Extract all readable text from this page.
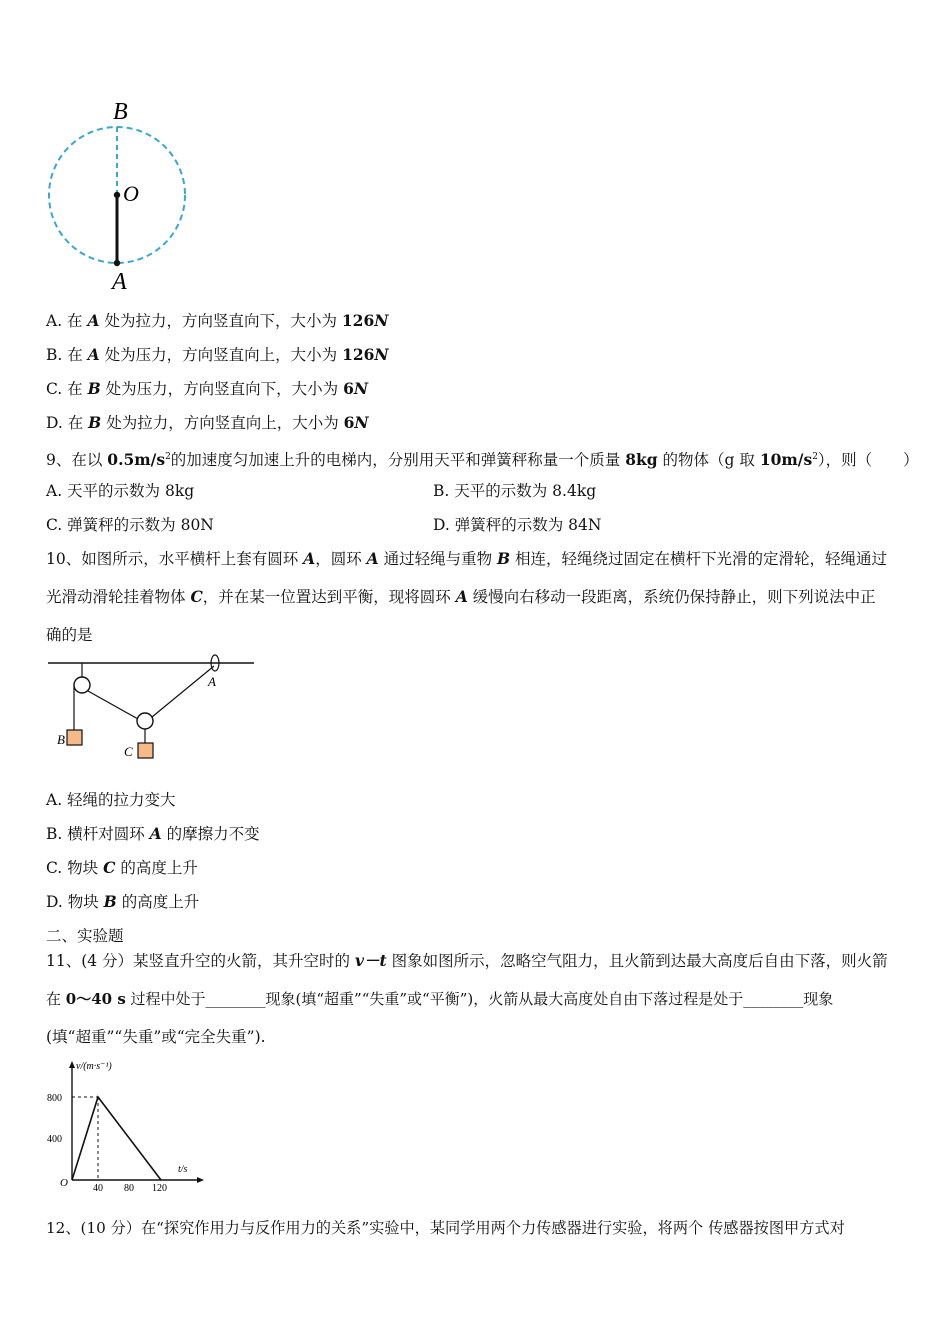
B
O
A
A. 在 A 处为拉力，方向竖直向下，大小为 126N
B. 在 A 处为压力，方向竖直向上，大小为 126N
C. 在 B 处为压力，方向竖直向下，大小为 6N
D. 在 B 处为拉力，方向竖直向上，大小为 6N
9、在以 $0.5m/s^2$的加速度匀加速上升的电梯内，分别用天平和弹簧秤称量一个质量 8kg 的物体（g 取 $10m/s^2$），则（　　）
A. 天平的示数为 8kg	B. 天平的示数为 8.4kg
C. 弹簧秤的示数为 80N	D. 弹簧秤的示数为 84N
10、如图所示，水平横杆上套有圆环 A，圆环 A 通过轻绳与重物 B 相连，轻绳绕过固定在横杆下光滑的定滑轮，轻绳通过
光滑动滑轮挂着物体 C，并在某一位置达到平衡，现将圆环 A 缓慢向右移动一段距离，系统仍保持静止，则下列说法中正
确的是
B
A
C
A. 轻绳的拉力变大
B. 横杆对圆环 A 的摩擦力不变
C. 物块 C 的高度上升
D. 物块 B 的高度上升
二、实验题
11、(4 分）某竖直升空的火箭，其升空时的 v－t 图象如图所示，忽略空气阻力，且火箭到达最大高度后自由下落，则火箭
在 0～40 s 过程中处于________现象(填“超重”“失重”或“平衡”)，火箭从最大高度处自由下落过程是处于________现象
(填“超重”“失重”或“完全失重”).
v/(m·s⁻¹)
t/s
800
400
O	40 80 120
12、(10 分）在“探究作用力与反作用力的关系”实验中，某同学用两个力传感器进行实验，将两个 传感器按图甲方式对
